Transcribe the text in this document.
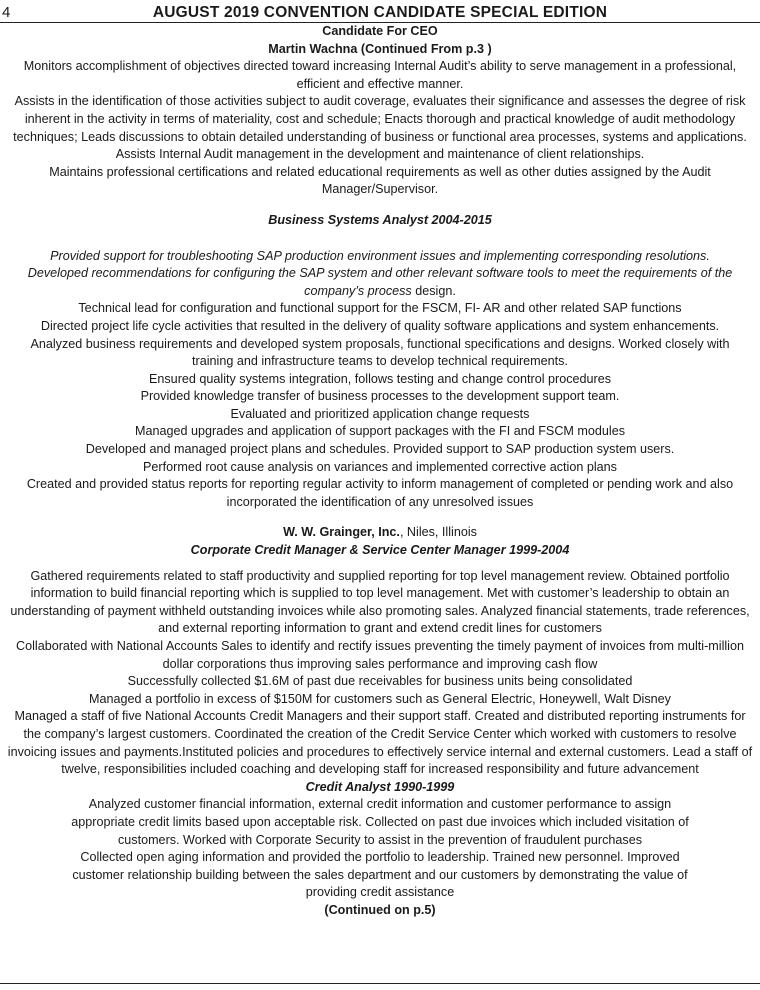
4	AUGUST 2019 CONVENTION CANDIDATE SPECIAL EDITION

Candidate For CEO

Martin Wachna (Continued From p.3 )

Monitors accomplishment of objectives directed toward increasing Internal Audit’s ability to serve management in a professional, efficient and effective manner.

Assists in the identification of those activities subject to audit coverage, evaluates their significance and assesses the degree of risk inherent in the activity in terms of materiality, cost and schedule; Enacts thorough and practical knowledge of audit methodology techniques; Leads discussions to obtain detailed understanding of business or functional area processes, systems and applications.

Assists Internal Audit management in the development and maintenance of client relationships.

Maintains professional certifications and related educational requirements as well as other duties assigned by the Audit Manager/Supervisor.

Business Systems Analyst 2004-2015

Provided support for troubleshooting SAP production environment issues and implementing corresponding resolutions.

Developed recommendations for configuring the SAP system and other relevant software tools to meet the requirements of the company’s process design.

Technical lead for configuration and functional support for the FSCM, FI- AR and other related SAP functions

Directed project life cycle activities that resulted in the delivery of quality software applications and system enhancements. Analyzed business requirements and developed system proposals, functional specifications and designs. Worked closely with training and infrastructure teams to develop technical requirements.

Ensured quality systems integration, follows testing and change control procedures

Provided knowledge transfer of business processes to the development support team.

Evaluated and prioritized application change requests

Managed upgrades and application of support packages with the FI and FSCM modules

Developed and managed project plans and schedules. Provided support to SAP production system users.

Performed root cause analysis on variances and implemented corrective action plans

Created and provided status reports for reporting regular activity to inform management of completed or pending work and also incorporated the identification of any unresolved issues

W. W. Grainger, Inc., Niles, Illinois

Corporate Credit Manager & Service Center Manager 1999-2004

Gathered requirements related to staff productivity and supplied reporting for top level management review. Obtained portfolio information to build financial reporting which is supplied to top level management. Met with customer’s leadership to obtain an understanding of payment withheld outstanding invoices while also promoting sales. Analyzed financial statements, trade references, and external reporting information to grant and extend credit lines for customers

Collaborated with National Accounts Sales to identify and rectify issues preventing the timely payment of invoices from multi-million dollar corporations thus improving sales performance and improving cash flow

Successfully collected $1.6M of past due receivables for business units being consolidated

Managed a portfolio in excess of $150M for customers such as General Electric, Honeywell, Walt Disney

Managed a staff of five National Accounts Credit Managers and their support staff. Created and distributed reporting instruments for the company’s largest customers. Coordinated the creation of the Credit Service Center which worked with customers to resolve invoicing issues and payments.Instituted policies and procedures to effectively service internal and external customers. Lead a staff of twelve, responsibilities included coaching and developing staff for increased responsibility and future advancement

Credit Analyst 1990-1999

Analyzed customer financial information, external credit information and customer performance to assign appropriate credit limits based upon acceptable risk. Collected on past due invoices which included visitation of customers. Worked with Corporate Security to assist in the prevention of fraudulent purchases

Collected open aging information and provided the portfolio to leadership. Trained new personnel. Improved customer relationship building between the sales department and our customers by demonstrating the value of providing credit assistance

(Continued on p.5)
